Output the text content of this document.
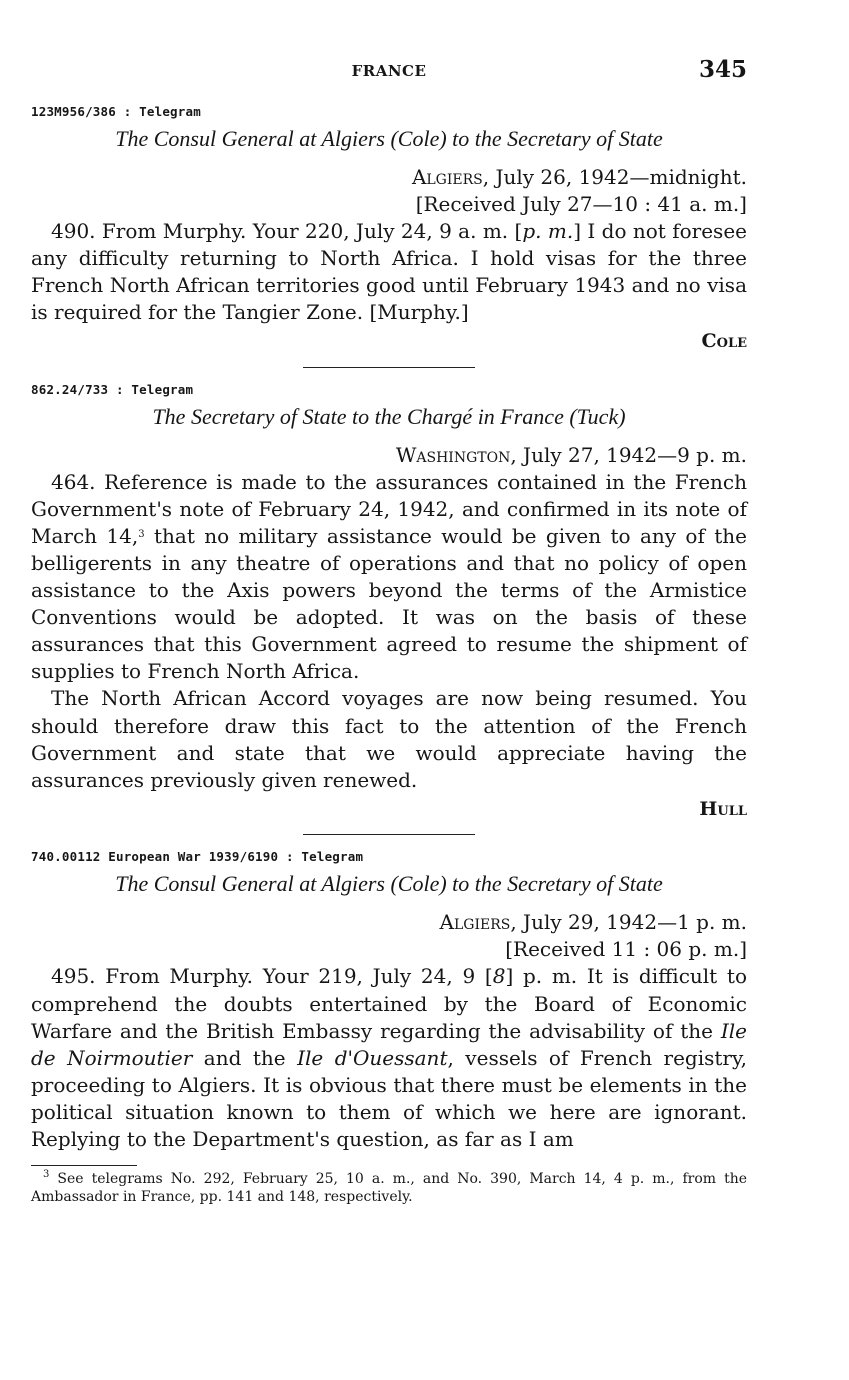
FRANCE	345
123M956/386 : Telegram
The Consul General at Algiers (Cole) to the Secretary of State
Algiers, July 26, 1942—midnight.
[Received July 27—10 : 41 a. m.]

490. From Murphy. Your 220, July 24, 9 a. m. [p. m.] I do not foresee any difficulty returning to North Africa. I hold visas for the three French North African territories good until February 1943 and no visa is required for the Tangier Zone. [Murphy.]

Cole
862.24/733 : Telegram
The Secretary of State to the Chargé in France (Tuck)
Washington, July 27, 1942—9 p. m.

464. Reference is made to the assurances contained in the French Government's note of February 24, 1942, and confirmed in its note of March 14,$^3$ that no military assistance would be given to any of the belligerents in any theatre of operations and that no policy of open assistance to the Axis powers beyond the terms of the Armistice Conventions would be adopted. It was on the basis of these assurances that this Government agreed to resume the shipment of supplies to French North Africa.

The North African Accord voyages are now being resumed. You should therefore draw this fact to the attention of the French Government and state that we would appreciate having the assurances previously given renewed.

Hull
740.00112 European War 1939/6190 : Telegram
The Consul General at Algiers (Cole) to the Secretary of State
Algiers, July 29, 1942—1 p. m.
[Received 11 : 06 p. m.]

495. From Murphy. Your 219, July 24, 9 [8] p. m. It is difficult to comprehend the doubts entertained by the Board of Economic Warfare and the British Embassy regarding the advisability of the Ile de Noirmoutier and the Ile d'Ouessant, vessels of French registry, proceeding to Algiers. It is obvious that there must be elements in the political situation known to them of which we here are ignorant. Replying to the Department's question, as far as I am

$^3$ See telegrams No. 292, February 25, 10 a. m., and No. 390, March 14, 4 p. m., from the Ambassador in France, pp. 141 and 148, respectively.
